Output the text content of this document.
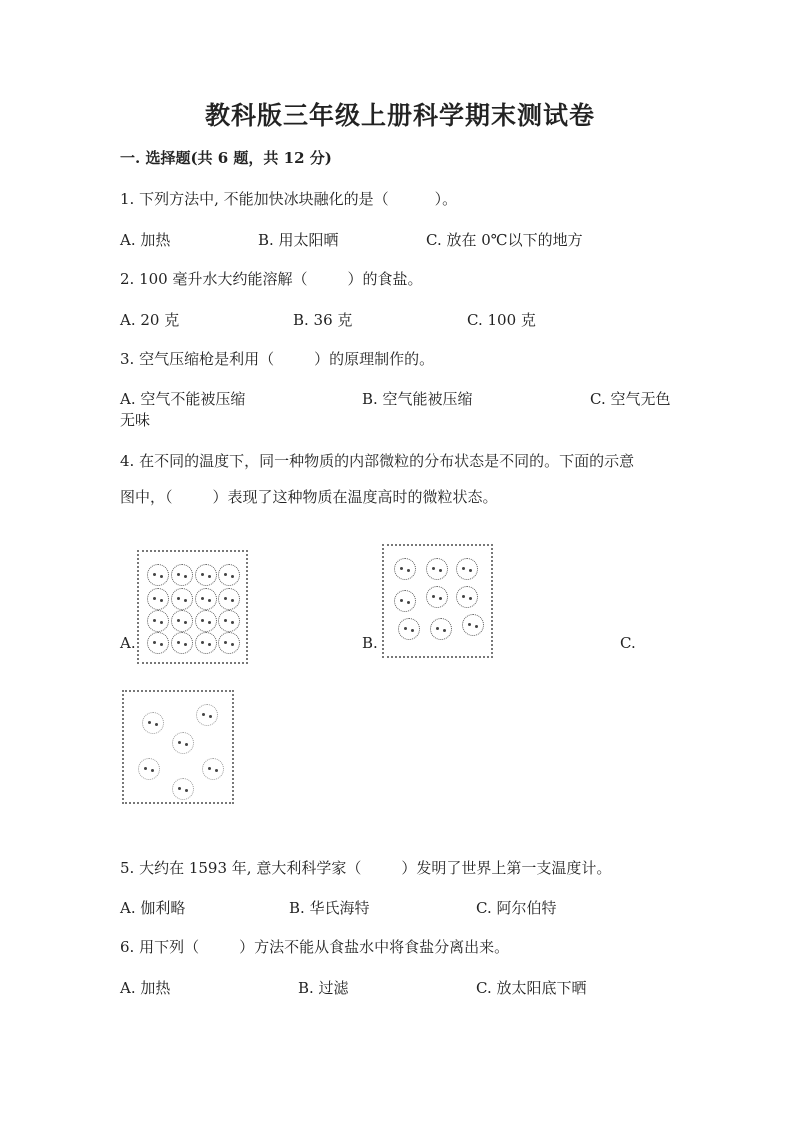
教科版三年级上册科学期末测试卷
一. 选择题(共 6 题，共 12 分)
1. 下列方法中, 不能加快冰块融化的是（	）。
A. 加热	B. 用太阳晒	C. 放在 0℃以下的地方
2. 100 毫升水大约能溶解（	）的食盐。
A. 20 克	B. 36 克	C. 100 克
3. 空气压缩枪是利用（	）的原理制作的。
A. 空气不能被压缩	B. 空气能被压缩	C. 空气无色
无味
4. 在不同的温度下，同一种物质的内部微粒的分布状态是不同的。下面的示意
图中，（	）表现了这种物质在温度高时的微粒状态。
A.	B.	C.
5. 大约在 1593 年, 意大利科学家（	）发明了世界上第一支温度计。
A. 伽利略	B. 华氏海特	C. 阿尔伯特
6. 用下列（	）方法不能从食盐水中将食盐分离出来。
A. 加热	B. 过滤	C. 放太阳底下晒
